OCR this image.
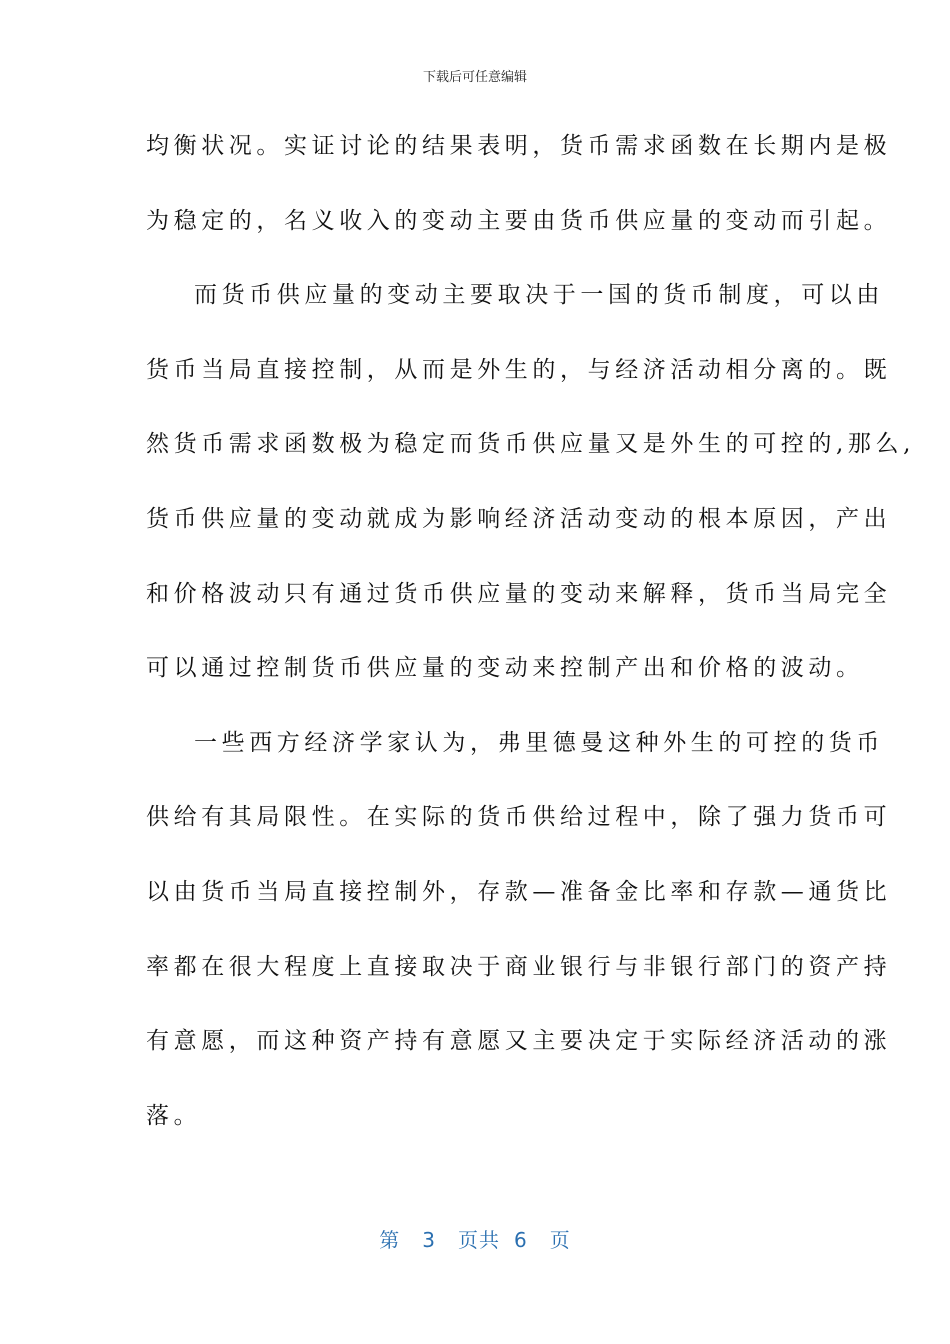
下载后可任意编辑
均衡状况。实证讨论的结果表明，货币需求函数在长期内是极
为稳定的，名义收入的变动主要由货币供应量的变动而引起。
而货币供应量的变动主要取决于一国的货币制度，可以由
货币当局直接控制，从而是外生的，与经济活动相分离的。既
然货币需求函数极为稳定而货币供应量又是外生的可控的,那么,
货币供应量的变动就成为影响经济活动变动的根本原因，产出
和价格波动只有通过货币供应量的变动来解释，货币当局完全
可以通过控制货币供应量的变动来控制产出和价格的波动。
一些西方经济学家认为，弗里德曼这种外生的可控的货币
供给有其局限性。在实际的货币供给过程中，除了强力货币可
以由货币当局直接控制外，存款—准备金比率和存款—通货比
率都在很大程度上直接取决于商业银行与非银行部门的资产持
有意愿，而这种资产持有意愿又主要决定于实际经济活动的涨
落。
第 3 页共 6 页
